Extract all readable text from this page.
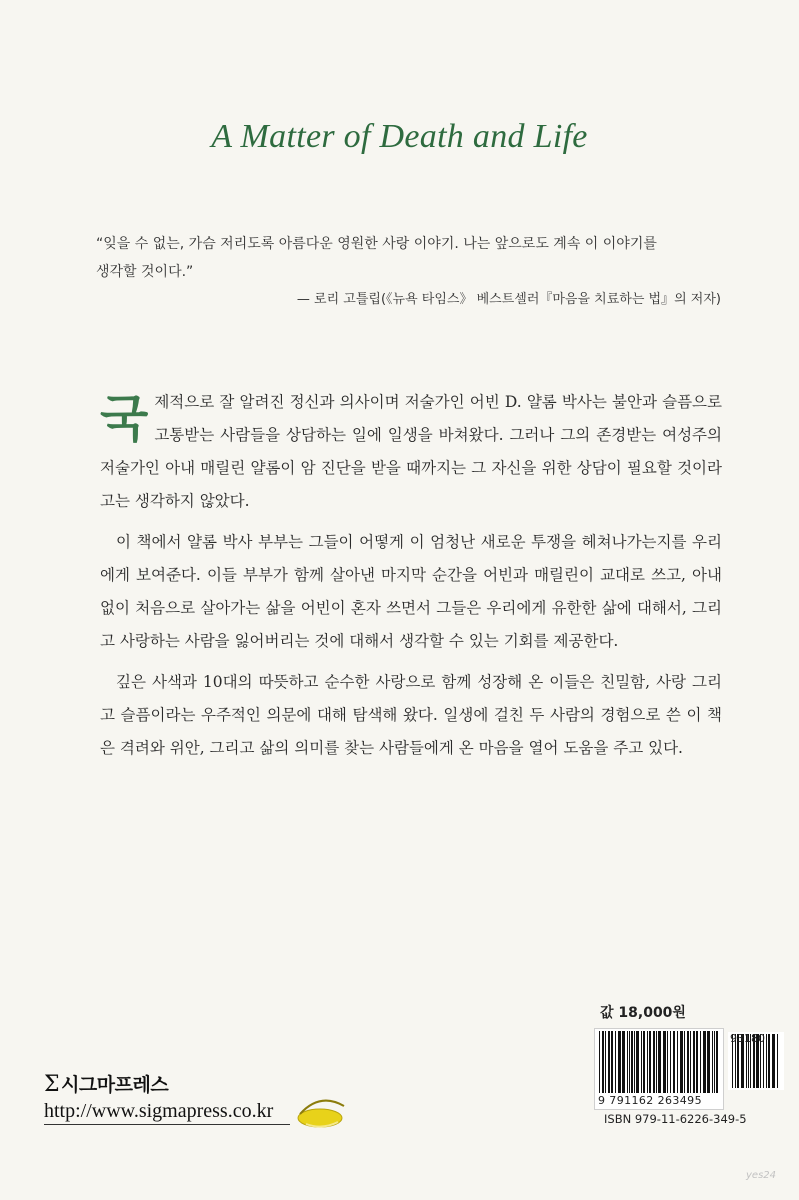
A Matter of Death and Life

“잊을 수 없는, 가슴 저리도록 아름다운 영원한 사랑 이야기. 나는 앞으로도 계속 이 이야기를

생각할 것이다.”

— 로리 고틀립(《뉴욕 타임스》 베스트셀러『마음을 치료하는 법』의 저자)

국 제적으로 잘 알려진 정신과 의사이며 저술가인 어빈 D. 얄롬 박사는 불안과 슬픔으로 고통받는 사람들을 상담하는 일에 일생을 바쳐왔다. 그러나 그의 존경받는 여성주의 저술가인 아내 매릴린 얄롬이 암 진단을 받을 때까지는 그 자신을 위한 상담이 필요할 것이라고는 생각하지 않았다.

이 책에서 얄롬 박사 부부는 그들이 어떻게 이 엄청난 새로운 투쟁을 헤쳐나가는지를 우리에게 보여준다. 이들 부부가 함께 살아낸 마지막 순간을 어빈과 매릴린이 교대로 쓰고, 아내 없이 처음으로 살아가는 삶을 어빈이 혼자 쓰면서 그들은 우리에게 유한한 삶에 대해서, 그리고 사랑하는 사람을 잃어버리는 것에 대해서 생각할 수 있는 기회를 제공한다.

깊은 사색과 10대의 따뜻하고 순수한 사랑으로 함께 성장해 온 이들은 친밀함, 사랑 그리고 슬픔이라는 우주적인 의문에 대해 탐색해 왔다. 일생에 걸친 두 사람의 경험으로 쓴 이 책은 격려와 위안, 그리고 삶의 의미를 찾는 사람들에게 온 마음을 열어 도움을 주고 있다.

값 18,000원
93180
9 791162 263495
ISBN 979-11-6226-349-5
Σ 시그마프레스
http://www.sigmapress.co.kr
yes24
